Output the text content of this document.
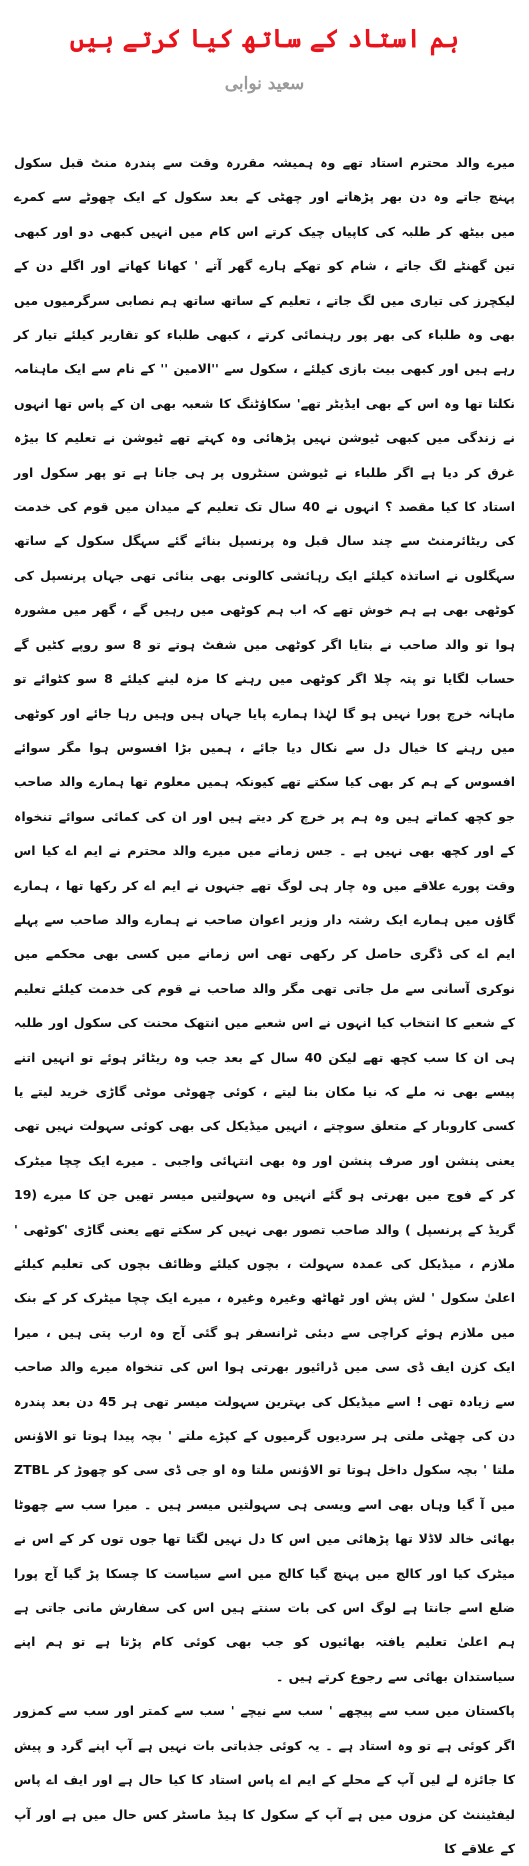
ہم استاد کے ساتھ کیا کرتے ہیں
سعید نوابی

میرے والد محترم استاد تھے وہ ہمیشہ مقررہ وقت سے پندرہ منٹ قبل سکول پہنچ جاتے وہ دن بھر پڑھاتے اور چھٹی کے بعد سکول کے ایک چھوٹے سے کمرے میں بیٹھ کر طلبہ کی کاپیاں چیک کرتے اس کام میں انہیں کبھی دو اور کبھی تین گھنٹے لگ جاتے ، شام کو تھکے ہارے گھر آتے ' کھانا کھاتے اور اگلے دن کے لیکچرز کی تیاری میں لگ جاتے ، تعلیم کے ساتھ ساتھ ہم نصابی سرگرمیوں میں بھی وہ طلباء کی بھر پور رہنمائی کرتے ، کبھی طلباء کو تقاریر کیلئے تیار کر رہے ہیں اور کبھی بیت بازی کیلئے ، سکول سے ''الامین '' کے نام سے ایک ماہنامہ نکلتا تھا وہ اس کے بھی ایڈیٹر تھے' سکاؤٹنگ کا شعبہ بھی ان کے پاس تھا انہوں نے زندگی میں کبھی ٹیوشن نہیں پڑھائی وہ کہتے تھے ٹیوشن نے تعلیم کا بیڑہ غرق کر دیا ہے اگر طلباء نے ٹیوشن سنٹروں پر ہی جانا ہے تو پھر سکول اور استاد کا کیا مقصد ؟ انہوں نے 40 سال تک تعلیم کے میدان میں قوم کی خدمت کی ریٹائرمنٹ سے چند سال قبل وہ پرنسپل بنائے گئے سہگل سکول کے ساتھ سہگلوں نے اساتذہ کیلئے ایک رہائشی کالونی بھی بنائی تھی جہاں پرنسپل کی کوٹھی بھی ہے ہم خوش تھے کہ اب ہم کوٹھی میں رہیں گے ، گھر میں مشورہ ہوا تو والد صاحب نے بتایا اگر کوٹھی میں شفٹ ہوتے تو 8 سو روپے کٹیں گے حساب لگایا تو پتہ چلا اگر کوٹھی میں رہنے کا مزہ لینے کیلئے 8 سو کٹوائے تو ماہانہ خرچ پورا نہیں ہو گا لہٰذا ہمارے پایا جہاں ہیں وہیں رہا جائے اور کوٹھی میں رہنے کا خیال دل سے نکال دیا جائے ، ہمیں بڑا افسوس ہوا مگر سوائے افسوس کے ہم کر بھی کیا سکتے تھے کیونکہ ہمیں معلوم تھا ہمارے والد صاحب جو کچھ کماتے ہیں وہ ہم پر خرچ کر دیتے ہیں اور ان کی کمائی سوائے تنخواہ کے اور کچھ بھی نہیں ہے ۔ جس زمانے میں میرے والد محترم نے ایم اے کیا اس وقت پورے علاقے میں وہ چار ہی لوگ تھے جنہوں نے ایم اے کر رکھا تھا ، ہمارے گاؤں میں ہمارے ایک رشتہ دار وزیر اعوان صاحب نے ہمارے والد صاحب سے پہلے ایم اے کی ڈگری حاصل کر رکھی تھی اس زمانے میں کسی بھی محکمے میں نوکری آسانی سے مل جاتی تھی مگر والد صاحب نے قوم کی خدمت کیلئے تعلیم کے شعبے کا انتخاب کیا انہوں نے اس شعبے میں انتھک محنت کی سکول اور طلبہ ہی ان کا سب کچھ تھے لیکن 40 سال کے بعد جب وہ ریٹائر ہوئے تو انہیں اتنے پیسے بھی نہ ملے کہ نیا مکان بنا لیتے ، کوئی چھوٹی موٹی گاڑی خرید لیتے یا کسی کاروبار کے متعلق سوچتے ، انہیں میڈیکل کی بھی کوئی سہولت نہیں تھی یعنی پنشن اور صرف پنشن اور وہ بھی انتہائی واجبی ۔ میرے ایک چچا میٹرک کر کے فوج میں بھرتی ہو گئے انہیں وہ سہولتیں میسر تھیں جن کا میرے (19 گریڈ کے پرنسپل ) والد صاحب تصور بھی نہیں کر سکتے تھے یعنی گاڑی 'کوٹھی ' ملازم ، میڈیکل کی عمدہ سہولت ، بچوں کیلئے وظائف بچوں کی تعلیم کیلئے اعلیٰ سکول ' لش پش اور ٹھاٹھ وغیرہ وغیرہ ، میرے ایک چچا میٹرک کر کے بنک میں ملازم ہوئے کراچی سے دبئی ٹرانسفر ہو گئی آج وہ ارب پتی ہیں ، میرا ایک کزن ایف ڈی سی میں ڈرائیور بھرتی ہوا اس کی تنخواہ میرے والد صاحب سے زیادہ تھی ! اسے میڈیکل کی بہترین سہولت میسر تھی ہر 45 دن بعد پندرہ دن کی چھٹی ملتی ہر سردیوں گرمیوں کے کپڑے ملتے ' بچہ پیدا ہوتا تو الاؤنس ملتا ' بچہ سکول داخل ہوتا تو الاؤنس ملتا وہ او جی ڈی سی کو چھوڑ کر ZTBL میں آ گیا وہاں بھی اسے ویسی ہی سہولتیں میسر ہیں ۔ میرا سب سے چھوٹا بھائی خالد لاڈلا تھا پڑھائی میں اس کا دل نہیں لگتا تھا جوں توں کر کے اس نے میٹرک کیا اور کالج میں پہنچ گیا کالج میں اسے سیاست کا چسکا پڑ گیا آج پورا ضلع اسے جانتا ہے لوگ اس کی بات سنتے ہیں اس کی سفارش مانی جاتی ہے ہم اعلیٰ تعلیم یافتہ بھائیوں کو جب بھی کوئی کام پڑتا ہے تو ہم اپنے سیاستدان بھائی سے رجوع کرتے ہیں ۔

پاکستان میں سب سے پیچھے ' سب سے نیچے ' سب سے کمتر اور سب سے کمزور اگر کوئی ہے تو وہ استاد ہے ۔ یہ کوئی جذباتی بات نہیں ہے آپ اپنے گرد و پیش کا جائزہ لے لیں آپ کے محلے کے ایم اے پاس استاد کا کیا حال ہے اور ایف اے پاس لیفٹیننٹ کن مزوں میں ہے آپ کے سکول کا ہیڈ ماسٹر کس حال میں ہے اور آپ کے علاقے کا
